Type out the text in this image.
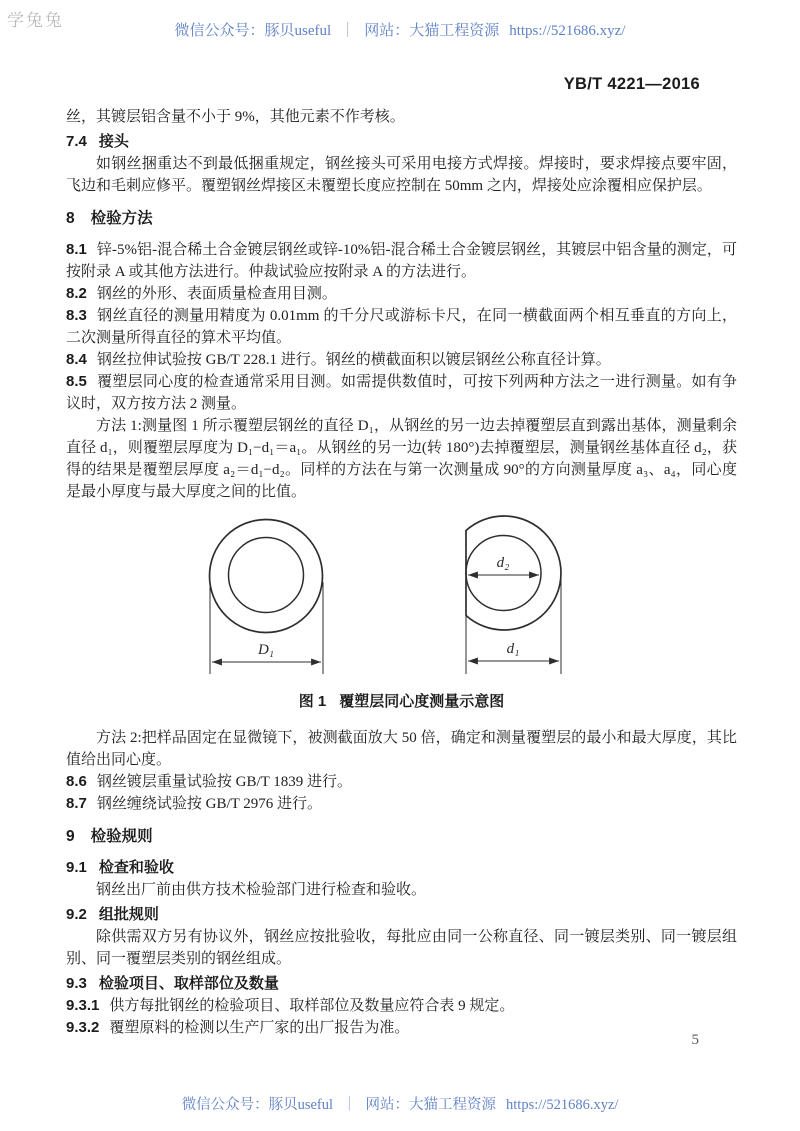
学兔兔
微信公众号：豚贝useful ｜ 网站：大猫工程资源 https://521686.xyz/
YB/T 4221—2016

丝，其镀层铝含量不小于 9%，其他元素不作考核。

7.4 接头

如钢丝捆重达不到最低捆重规定，钢丝接头可采用电接方式焊接。焊接时，要求焊接点要牢固，飞边和毛刺应修平。覆塑钢丝焊接区未覆塑长度应控制在 50mm 之内，焊接处应涂覆相应保护层。

8 检验方法

8.1 锌-5%铝-混合稀土合金镀层钢丝或锌-10%铝-混合稀土合金镀层钢丝，其镀层中铝含量的测定，可按附录 A 或其他方法进行。仲裁试验应按附录 A 的方法进行。

8.2 钢丝的外形、表面质量检查用目测。

8.3 钢丝直径的测量用精度为 0.01mm 的千分尺或游标卡尺，在同一横截面两个相互垂直的方向上，二次测量所得直径的算术平均值。

8.4 钢丝拉伸试验按 GB/T 228.1 进行。钢丝的横截面积以镀层钢丝公称直径计算。

8.5 覆塑层同心度的检查通常采用目测。如需提供数值时，可按下列两种方法之一进行测量。如有争议时，双方按方法 2 测量。

方法 1:测量图 1 所示覆塑层钢丝的直径 D₁，从钢丝的另一边去掉覆塑层直到露出基体，测量剩余直径 d₁，则覆塑层厚度为 D₁−d₁＝a₁。从钢丝的另一边(转 180°)去掉覆塑层，测量钢丝基体直径 d₂，获得的结果是覆塑层厚度 a₂＝d₁−d₂。同样的方法在与第一次测量成 90°的方向测量厚度 a₃、a₄，同心度是最小厚度与最大厚度之间的比值。

D₁
d₂
d₁

图 1 覆塑层同心度测量示意图

方法 2:把样品固定在显微镜下，被测截面放大 50 倍，确定和测量覆塑层的最小和最大厚度，其比值给出同心度。

8.6 钢丝镀层重量试验按 GB/T 1839 进行。

8.7 钢丝缠绕试验按 GB/T 2976 进行。

9 检验规则

9.1 检查和验收

钢丝出厂前由供方技术检验部门进行检查和验收。

9.2 组批规则

除供需双方另有协议外，钢丝应按批验收，每批应由同一公称直径、同一镀层类别、同一镀层组别、同一覆塑层类别的钢丝组成。

9.3 检验项目、取样部位及数量

9.3.1 供方每批钢丝的检验项目、取样部位及数量应符合表 9 规定。

9.3.2 覆塑原料的检测以生产厂家的出厂报告为准。

5
微信公众号：豚贝useful ｜ 网站：大猫工程资源 https://521686.xyz/
